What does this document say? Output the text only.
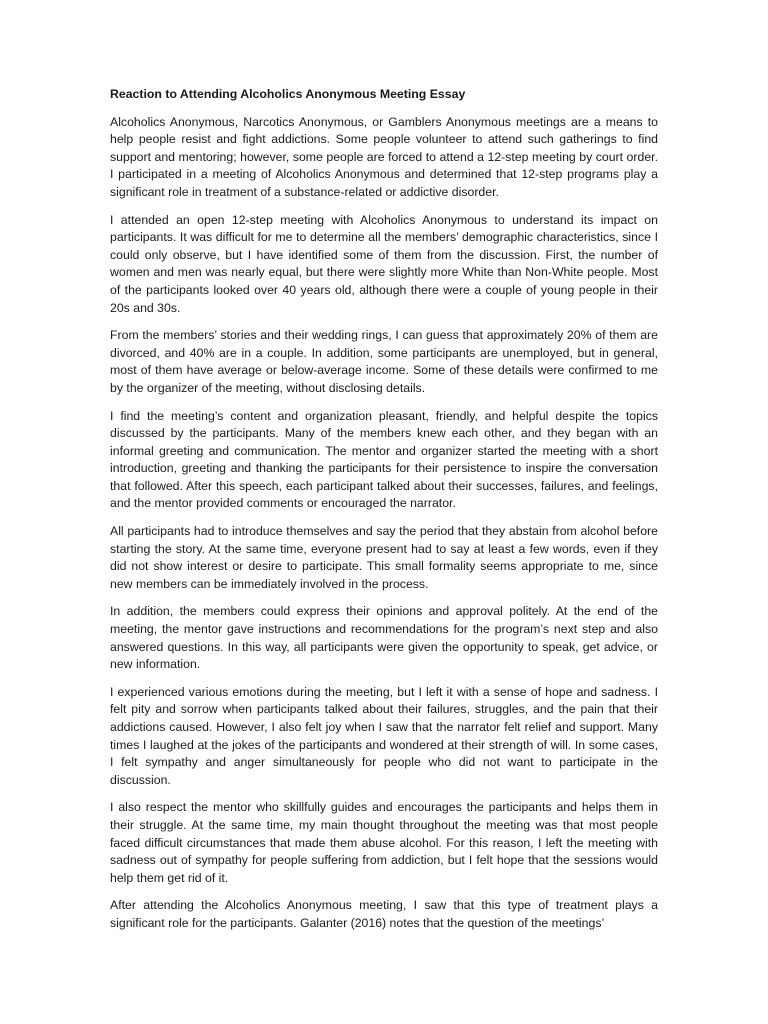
Reaction to Attending Alcoholics Anonymous Meeting Essay

Alcoholics Anonymous, Narcotics Anonymous, or Gamblers Anonymous meetings are a means to help people resist and fight addictions. Some people volunteer to attend such gatherings to find support and mentoring; however, some people are forced to attend a 12-step meeting by court order. I participated in a meeting of Alcoholics Anonymous and determined that 12-step programs play a significant role in treatment of a substance-related or addictive disorder.

I attended an open 12-step meeting with Alcoholics Anonymous to understand its impact on participants. It was difficult for me to determine all the members’ demographic characteristics, since I could only observe, but I have identified some of them from the discussion. First, the number of women and men was nearly equal, but there were slightly more White than Non-White people. Most of the participants looked over 40 years old, although there were a couple of young people in their 20s and 30s.

From the members’ stories and their wedding rings, I can guess that approximately 20% of them are divorced, and 40% are in a couple. In addition, some participants are unemployed, but in general, most of them have average or below-average income. Some of these details were confirmed to me by the organizer of the meeting, without disclosing details.

I find the meeting’s content and organization pleasant, friendly, and helpful despite the topics discussed by the participants. Many of the members knew each other, and they began with an informal greeting and communication. The mentor and organizer started the meeting with a short introduction, greeting and thanking the participants for their persistence to inspire the conversation that followed. After this speech, each participant talked about their successes, failures, and feelings, and the mentor provided comments or encouraged the narrator.

All participants had to introduce themselves and say the period that they abstain from alcohol before starting the story. At the same time, everyone present had to say at least a few words, even if they did not show interest or desire to participate. This small formality seems appropriate to me, since new members can be immediately involved in the process.

In addition, the members could express their opinions and approval politely. At the end of the meeting, the mentor gave instructions and recommendations for the program’s next step and also answered questions. In this way, all participants were given the opportunity to speak, get advice, or new information.

I experienced various emotions during the meeting, but I left it with a sense of hope and sadness. I felt pity and sorrow when participants talked about their failures, struggles, and the pain that their addictions caused. However, I also felt joy when I saw that the narrator felt relief and support. Many times I laughed at the jokes of the participants and wondered at their strength of will. In some cases, I felt sympathy and anger simultaneously for people who did not want to participate in the discussion.

I also respect the mentor who skillfully guides and encourages the participants and helps them in their struggle. At the same time, my main thought throughout the meeting was that most people faced difficult circumstances that made them abuse alcohol. For this reason, I left the meeting with sadness out of sympathy for people suffering from addiction, but I felt hope that the sessions would help them get rid of it.

After attending the Alcoholics Anonymous meeting, I saw that this type of treatment plays a significant role for the participants. Galanter (2016) notes that the question of the meetings’
